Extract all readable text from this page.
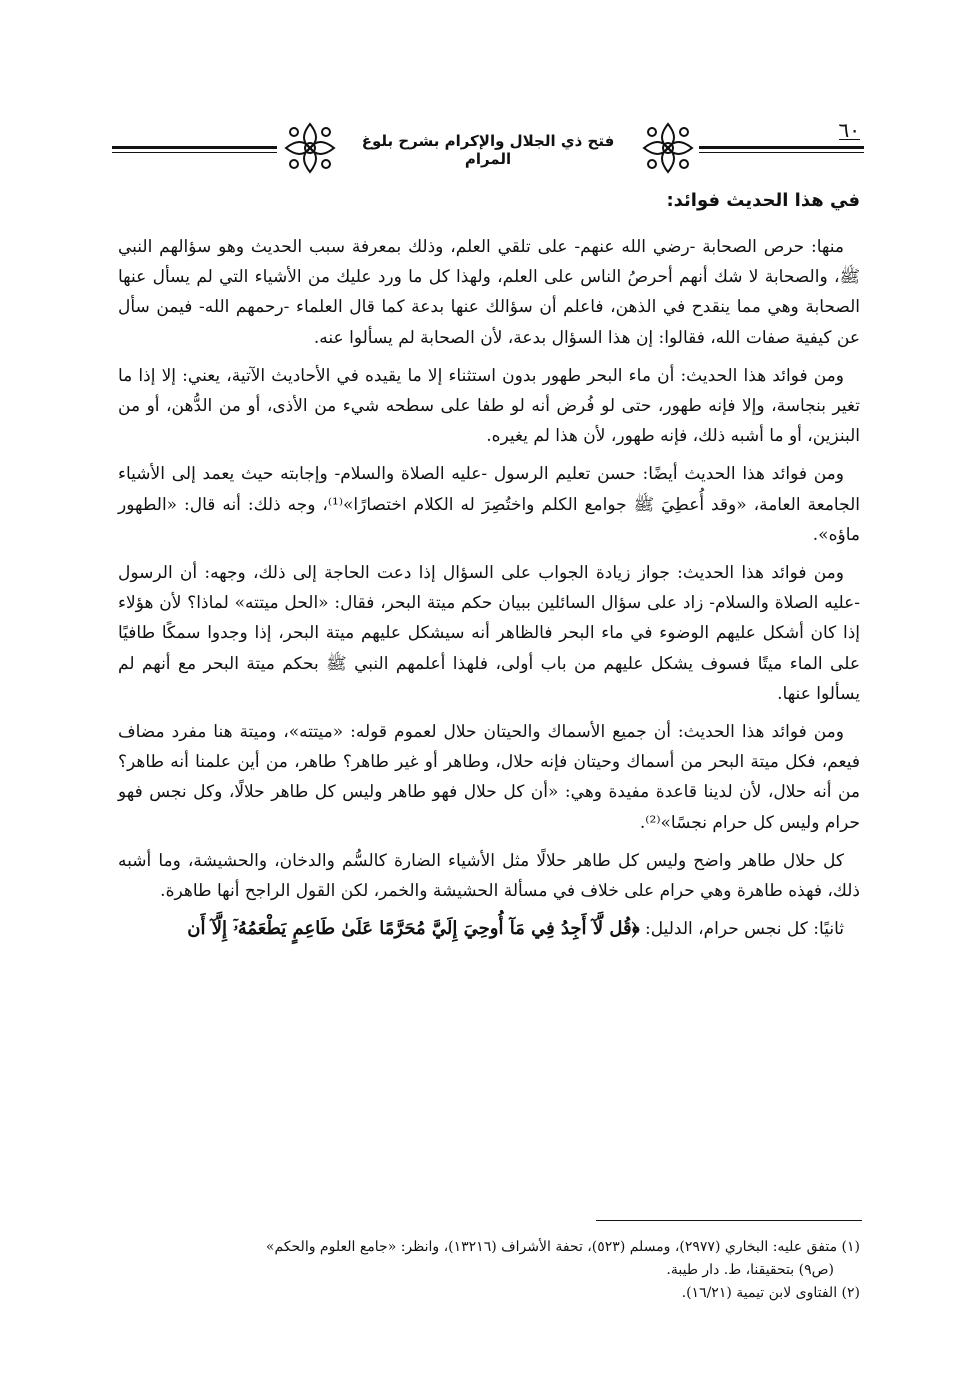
فتح ذي الجلال والإكرام بشرح بلوغ المرام
٦٠
في هذا الحديث فوائد:

منها: حرص الصحابة -رضي الله عنهم- على تلقي العلم، وذلك بمعرفة سبب الحديث وهو سؤالهم النبي ﷺ، والصحابة لا شك أنهم أحرصُ الناس على العلم، ولهذا كل ما ورد عليك من الأشياء التي لم يسأل عنها الصحابة وهي مما ينقدح في الذهن، فاعلم أن سؤالك عنها بدعة كما قال العلماء -رحمهم الله- فيمن سأل عن كيفية صفات الله، فقالوا: إن هذا السؤال بدعة، لأن الصحابة لم يسألوا عنه.

ومن فوائد هذا الحديث: أن ماء البحر طهور بدون استثناء إلا ما يقيده في الأحاديث الآتية، يعني: إلا إذا ما تغير بنجاسة، وإلا فإنه طهور، حتى لو فُرض أنه لو طفا على سطحه شيء من الأذى، أو من الدُّهن، أو من البنزين، أو ما أشبه ذلك، فإنه طهور، لأن هذا لم يغيره.

ومن فوائد هذا الحديث أيضًا: حسن تعليم الرسول -عليه الصلاة والسلام- وإجابته حيث يعمد إلى الأشياء الجامعة العامة، «وقد أُعطِيَ ﷺ جوامع الكلم واختُصِرَ له الكلام اختصارًا»⁽¹⁾، وجه ذلك: أنه قال: «الطهور ماؤه».

ومن فوائد هذا الحديث: جواز زيادة الجواب على السؤال إذا دعت الحاجة إلى ذلك، وجهه: أن الرسول -عليه الصلاة والسلام- زاد على سؤال السائلين ببيان حكم ميتة البحر، فقال: «الحل ميتته» لماذا؟ لأن هؤلاء إذا كان أشكل عليهم الوضوء في ماء البحر فالظاهر أنه سيشكل عليهم ميتة البحر، إذا وجدوا سمكًا طافيًا على الماء ميتًا فسوف يشكل عليهم من باب أولى، فلهذا أعلمهم النبي ﷺ بحكم ميتة البحر مع أنهم لم يسألوا عنها.

ومن فوائد هذا الحديث: أن جميع الأسماك والحيتان حلال لعموم قوله: «ميتته»، وميتة هنا مفرد مضاف فيعم، فكل ميتة البحر من أسماك وحيتان فإنه حلال، وطاهر أو غير طاهر؟ طاهر، من أين علمنا أنه طاهر؟ من أنه حلال، لأن لدينا قاعدة مفيدة وهي: «أن كل حلال فهو طاهر وليس كل طاهر حلالًا، وكل نجس فهو حرام وليس كل حرام نجسًا»⁽²⁾.

كل حلال طاهر واضح وليس كل طاهر حلالًا مثل الأشياء الضارة كالسُّم والدخان، والحشيشة، وما أشبه ذلك، فهذه طاهرة وهي حرام على خلاف في مسألة الحشيشة والخمر، لكن القول الراجح أنها طاهرة.

ثانيًا: كل نجس حرام، الدليل: ﴿قُل لَّآ أَجِدُ فِي مَآ أُوحِيَ إِلَيَّ مُحَرَّمًا عَلَىٰ طَاعِمٍ يَطْعَمُهُۥٓ إِلَّآ أَن

(١) متفق عليه: البخاري (٢٩٧٧)، ومسلم (٥٢٣)، تحفة الأشراف (١٣٢١٦)، وانظر: «جامع العلوم والحكم»

(ص٩) بتحقيقنا، ط. دار طيبة.

(٢) الفتاوى لابن تيمية (١٦/٢١).
